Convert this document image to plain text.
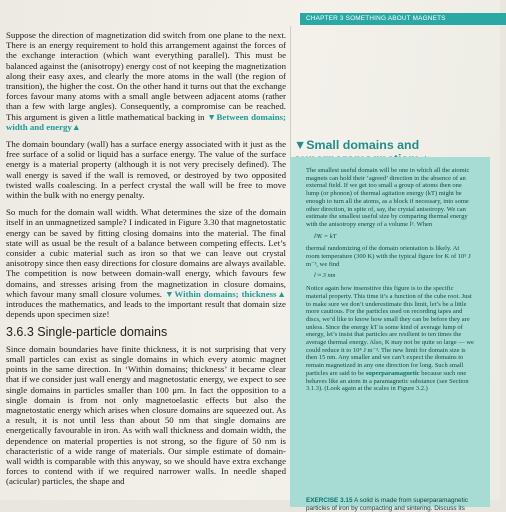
CHAPTER 3 SOMETHING ABOUT MAGNETS

Suppose the direction of magnetization did switch from one plane to the next. There is an energy requirement to hold this arrangement against the forces of the exchange interaction (which want everything parallel). This must be balanced against the (anisotropy) energy cost of not keeping the magnetization along their easy axes, and clearly the more atoms in the wall (the region of transition), the higher the cost. On the other hand it turns out that the exchange forces favour many atoms with a small angle between adjacent atoms (rather than a few with large angles). Consequently, a compromise can be reached. This argument is given a little mathematical backing in ▼Between domains; width and energy▲

The domain boundary (wall) has a surface energy associated with it just as the free surface of a solid or liquid has a surface energy. The value of the surface energy is a material property (although it is not very precisely defined). The wall energy is saved if the wall is removed, or destroyed by two opposited twisted walls coalescing. In a perfect crystal the wall will be free to move within the bulk with no energy penalty.

So much for the domain wall width. What determines the size of the domain itself in an unmagnetized sample? I indicated in Figure 3.30 that magnetostatic energy can be saved by fitting closing domains into the material. The final state will as usual be the result of a balance between competing effects. Let’s consider a cubic material such as iron so that we can leave out crystal anisotropy since then easy directions for closure domains are always available. The competition is now between domain-wall energy, which favours few domains, and stresses arising from the magnetization in closure domains, which favour many small closure volumes. ▼Within domains; thickness▲ introduces the mathematics, and leads to the important result that domain size depends upon specimen size!

3.6.3 Single-particle domains

Since domain boundaries have finite thickness, it is not surprising that very small particles can exist as single domains in which every atomic magnet points in the same direction. In ‘Within domains; thickness’ it became clear that if we consider just wall energy and magnetostatic energy, we expect to see single domains in particles smaller than 100 μm. In fact the opposition to a single domain is from not only magnetoelastic effects but also the magnetostatic energy which arises when closure domains are squeezed out. As a result, it is not until less than about 50 nm that single domains are energetically favourable in iron. As with wall thickness and domain width, the dependence on material properties is not strong, so the figure of 50 nm is characteristic of a wide range of materials. Our simple estimate of domain-wall width is comparable with this anyway, so we should have extra exchange forces to contend with if we required narrower walls. In needle shaped (acicular) particles, the shape and

▼Small domains and

The smallest useful domain will be one in which all the atomic magnets can hold their ‘agreed’ direction in the absence of an external field. If we get too small a group of atoms then one lump (or phonon) of thermal agitation energy (kT) might be enough to turn all the atoms, as a block if necessary, into some other direction, in spite of, say, the crystal anisotropy. We can estimate the smallest useful size by comparing thermal energy with the anisotropy energy of a volume l³. When

l³K = kT

thermal randomizing of the domain orientation is likely. At room temperature (300 K) with the typical figure for K of 10⁵ J m⁻³, we find

l ≈ 3 nm

Notice again how insensitive this figure is to the specific material property. This time it’s a function of the cube root. Just to make sure we don’t underestimate this limit, let’s be a little more cautious. For the particles used on recording tapes and discs, we’d like to know how small they can be before they are unless. Since the energy kT is some kind of average lump of energy, let’s insist that particles are resilient to ten times the average thermal energy. Also, K may not be quite so large — we could reduce it to 10⁴ J m⁻³. The new limit for domain size is then 15 nm. Any smaller and we can’t expect the domains to remain magnetized in any one direction for long. Such small particles are said to be superparamagnetic because such one behaves like an atom in a paramagnetic substance (see Section 3.1.3). (Look again at the scales in Figure 3.2.)

EXERCISE 3.15 A solid is made from superparamagnetic particles of iron by compacting and sintering. Discuss its
